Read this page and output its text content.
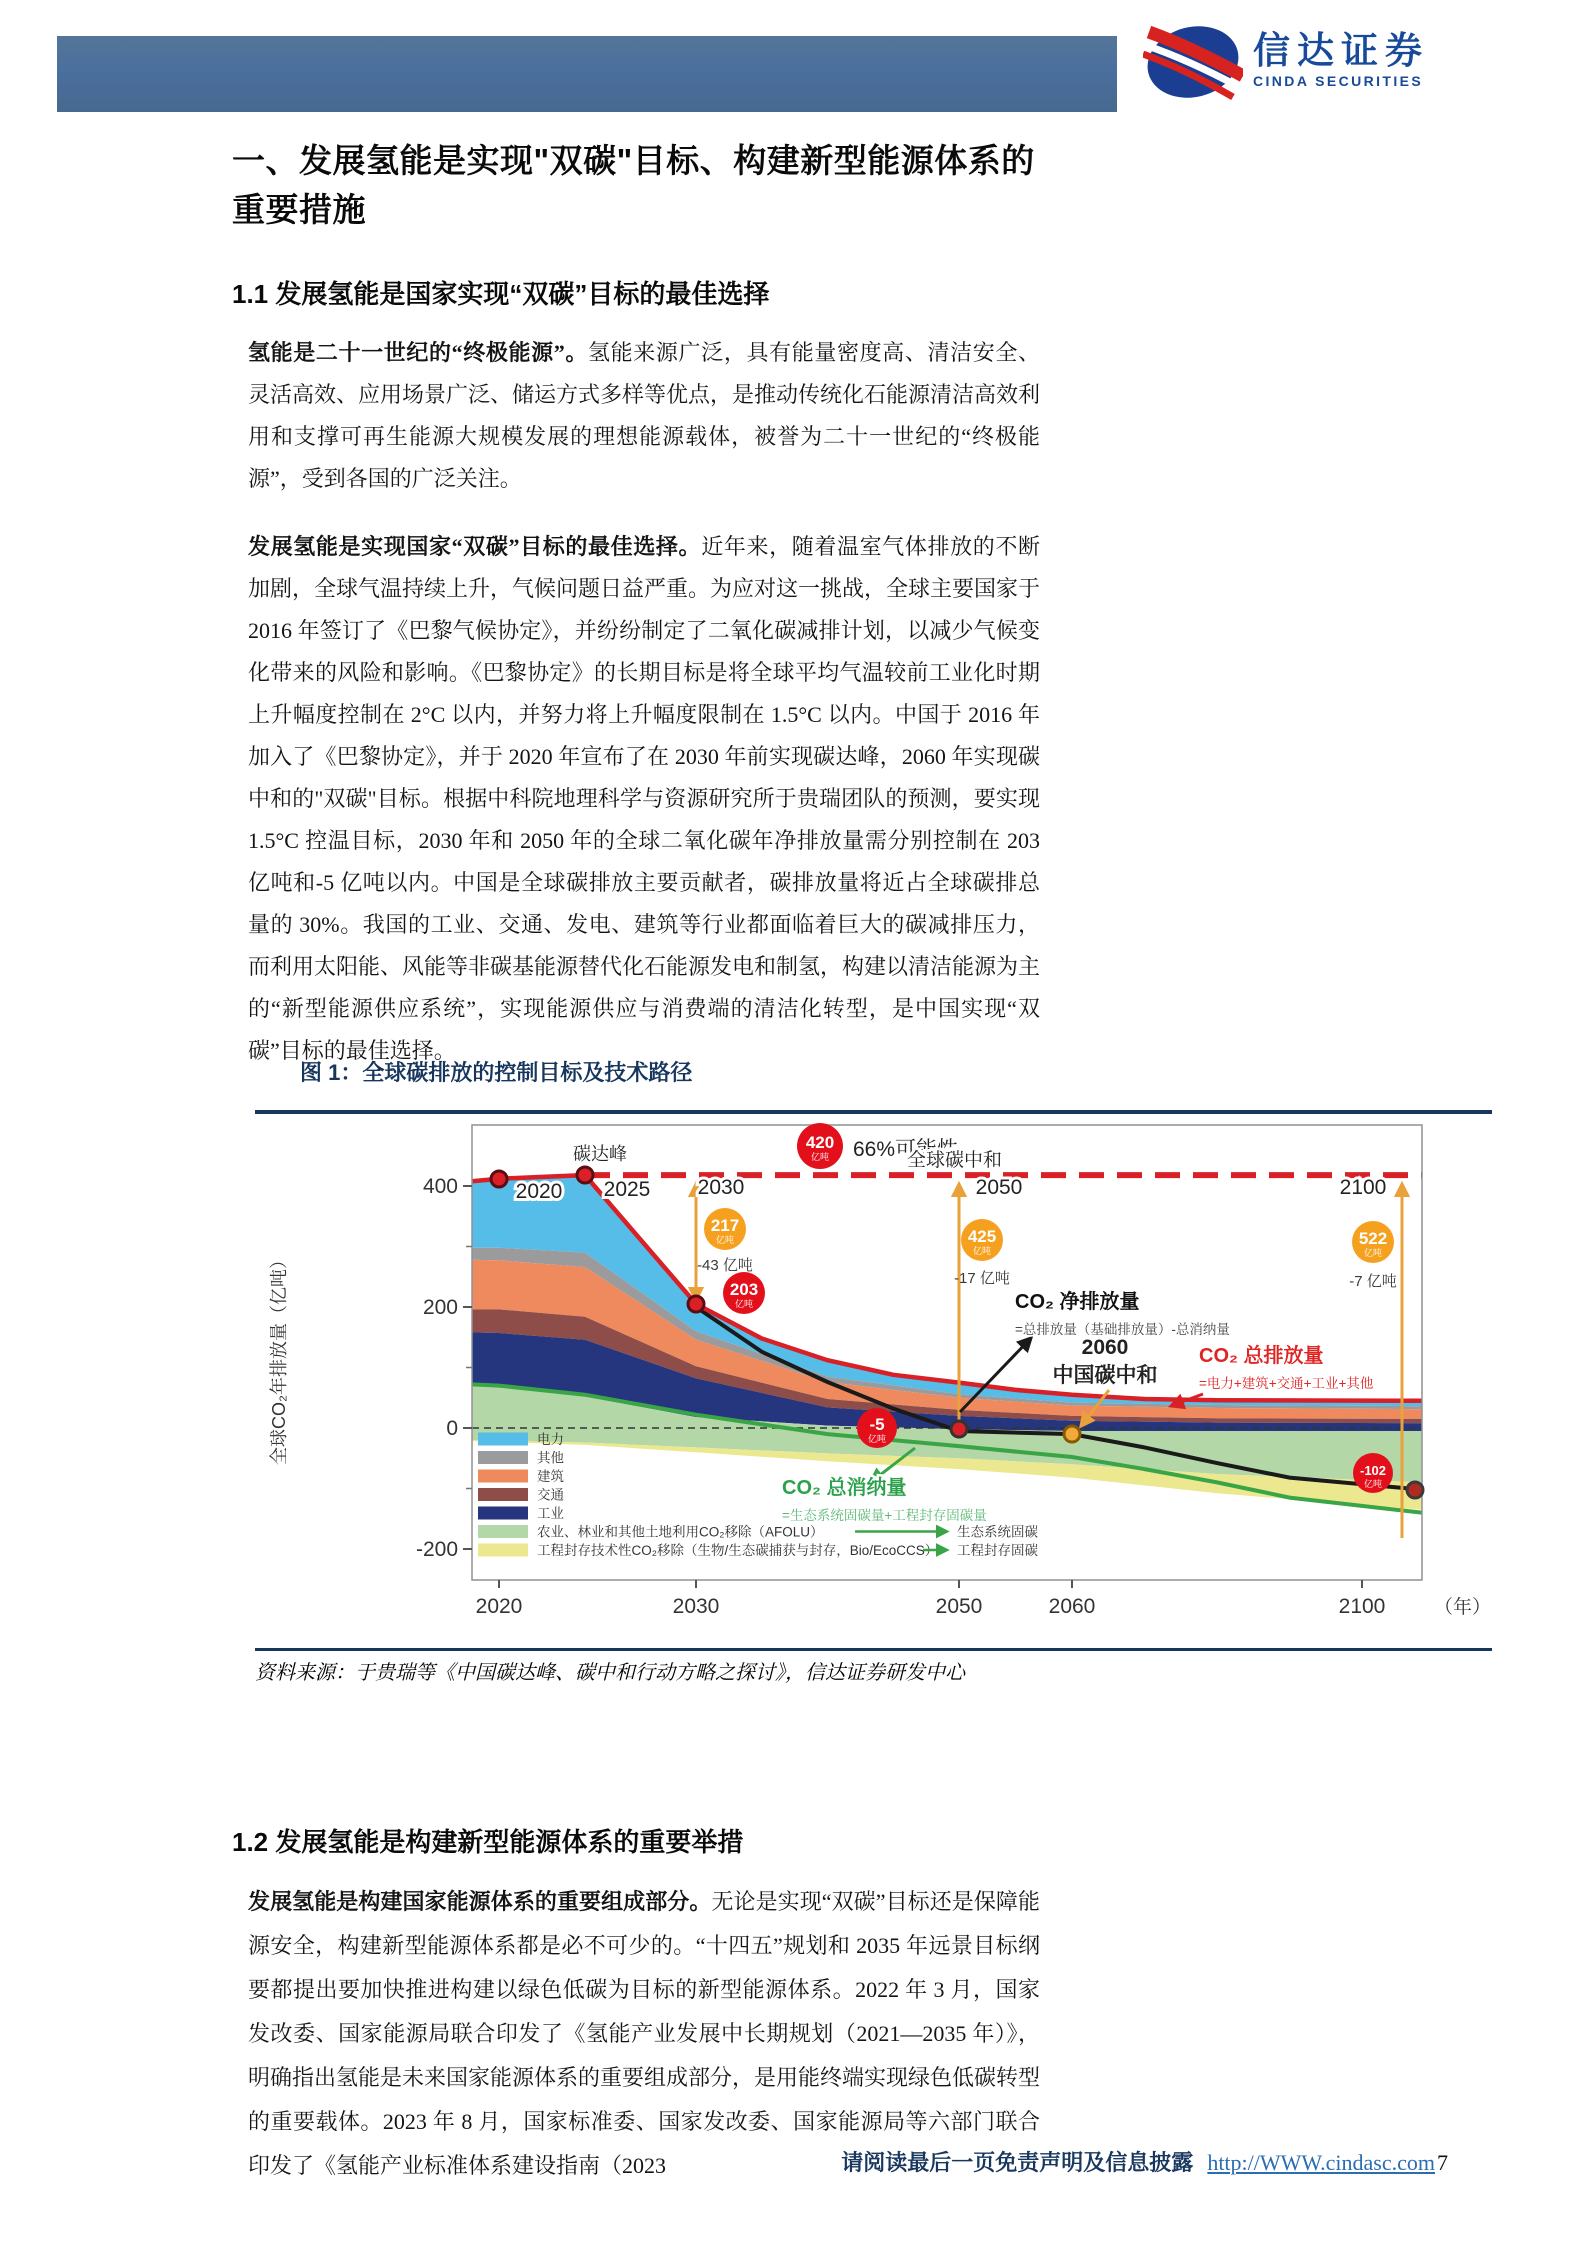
信达证券
CINDA SECURITIES
一、发展氢能是实现"双碳"目标、构建新型能源体系的重要措施
1.1 发展氢能是国家实现“双碳”目标的最佳选择

氢能是二十一世纪的“终极能源”。氢能来源广泛，具有能量密度高、清洁安全、灵活高效、应用场景广泛、储运方式多样等优点，是推动传统化石能源清洁高效利用和支撑可再生能源大规模发展的理想能源载体，被誉为二十一世纪的“终极能源”，受到各国的广泛关注。

发展氢能是实现国家“双碳”目标的最佳选择。近年来，随着温室气体排放的不断加剧，全球气温持续上升，气候问题日益严重。为应对这一挑战，全球主要国家于 2016 年签订了《巴黎气候协定》，并纷纷制定了二氧化碳减排计划，以减少气候变化带来的风险和影响。《巴黎协定》的长期目标是将全球平均气温较前工业化时期上升幅度控制在 2°C 以内，并努力将上升幅度限制在 1.5°C 以内。中国于 2016 年加入了《巴黎协定》，并于 2020 年宣布了在 2030 年前实现碳达峰，2060 年实现碳中和的"双碳"目标。根据中科院地理科学与资源研究所于贵瑞团队的预测，要实现 1.5°C 控温目标，2030 年和 2050 年的全球二氧化碳年净排放量需分别控制在 203 亿吨和-5 亿吨以内。中国是全球碳排放主要贡献者，碳排放量将近占全球碳排总量的 30%。我国的工业、交通、发电、建筑等行业都面临着巨大的碳减排压力，而利用太阳能、风能等非碳基能源替代化石能源发电和制氢，构建以清洁能源为主的“新型能源供应系统”，实现能源供应与消费端的清洁化转型，是中国实现“双碳”目标的最佳选择。

图 1：全球碳排放的控制目标及技术路径
400
200
0
-200
全球CO₂年排放量（亿吨）
2020	2030	2050	2060	2100	（年）
420
亿吨
217
亿吨
203
亿吨
425
亿吨
522
亿吨
-5
亿吨
-102
亿吨
-43 亿吨
-17 亿吨	-7 亿吨
碳达峰
2020 2025 2030
66%可能性
全球碳中和
2050	2100
2060
中国碳中和
CO₂ 净排放量
=总排放量（基础排放量）-总消纳量
CO₂ 总排放量
=电力+建筑+交通+工业+其他
CO₂ 总消纳量
=生态系统固碳量+工程封存固碳量
电力
其他
建筑
交通
工业
农业、林业和其他土地利用CO₂移除（AFOLU）	生态系统固碳
工程封存技术性CO₂移除（生物/生态碳捕获与封存，Bio/EcoCCS） 工程封存固碳
资料来源：于贵瑞等《中国碳达峰、碳中和行动方略之探讨》，信达证券研发中心
1.2 发展氢能是构建新型能源体系的重要举措

发展氢能是构建国家能源体系的重要组成部分。无论是实现“双碳”目标还是保障能源安全，构建新型能源体系都是必不可少的。“十四五”规划和 2035 年远景目标纲要都提出要加快推进构建以绿色低碳为目标的新型能源体系。2022 年 3 月，国家发改委、国家能源局联合印发了《氢能产业发展中长期规划（2021—2035 年）》，明确指出氢能是未来国家能源体系的重要组成部分，是用能终端实现绿色低碳转型的重要载体。2023 年 8 月，国家标准委、国家发改委、国家能源局等六部门联合印发了《氢能产业标准体系建设指南（2023	请阅读最后一页免责声明及信息披露 http://WWW.cindasc.com7
